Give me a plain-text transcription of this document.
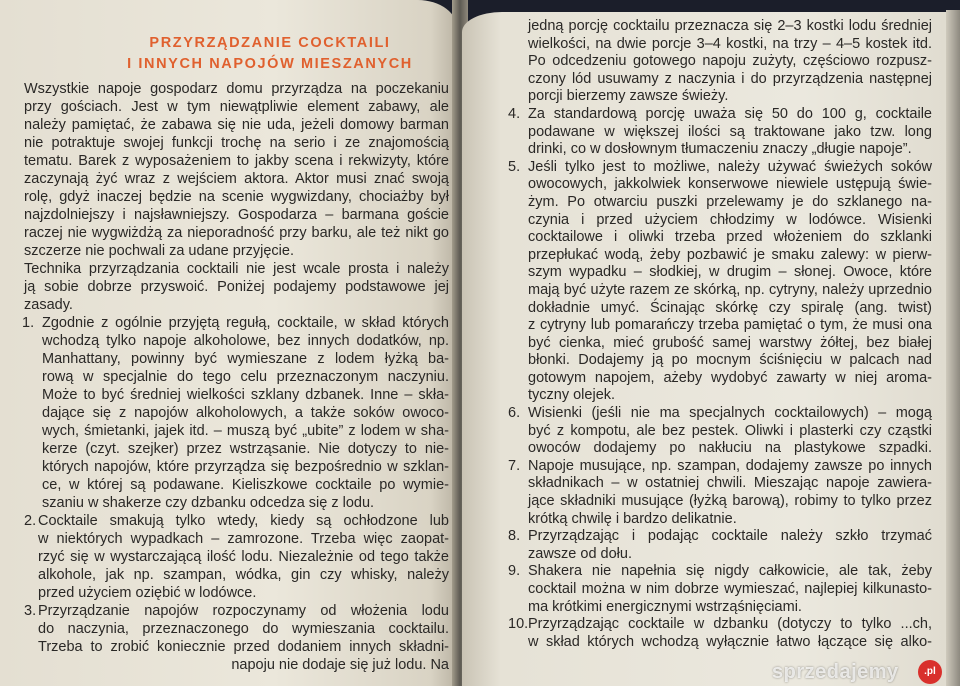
PRZYRZĄDZANIE COCKTAILI
I INNYCH NAPOJÓW MIESZANYCH
Wszystkie napoje gospodarz domu przyrządza na poczekaniu
przy gościach. Jest w tym niewątpliwie element zabawy, ale
należy pamiętać, że zabawa się nie uda, jeżeli domowy barman
nie potraktuje swojej funkcji trochę na serio i ze znajomością
tematu. Barek z wyposażeniem to jakby scena i rekwizyty, które
zaczynają żyć wraz z wejściem aktora. Aktor musi znać swoją
rolę, gdyż inaczej będzie na scenie wygwizdany, chociażby był
najzdolniejszy i najsławniejszy. Gospodarza – barmana goście
raczej nie wygwiżdżą za nieporadność przy barku, ale też nikt go
szczerze nie pochwali za udane przyjęcie.
Technika przyrządzania cocktaili nie jest wcale prosta i należy
ją sobie dobrze przyswoić. Poniżej podajemy podstawowe jej
zasady.
1. Zgodnie z ogólnie przyjętą regułą, cocktaile, w skład których
wchodzą tylko napoje alkoholowe, bez innych dodatków, np.
Manhattany, powinny być wymieszane z lodem łyżką ba-
rową w specjalnie do tego celu przeznaczonym naczyniu.
Może to być średniej wielkości szklany dzbanek. Inne – skła-
dające się z napojów alkoholowych, a także soków owoco-
wych, śmietanki, jajek itd. – muszą być „ubite” z lodem w sha-
kerze (czyt. szejker) przez wstrząsanie. Nie dotyczy to nie-
których napojów, które przyrządza się bezpośrednio w szklan-
ce, w której są podawane. Kieliszkowe cocktaile po wymie-
szaniu w shakerze czy dzbanku odcedza się z lodu.
2. Cocktaile smakują tylko wtedy, kiedy są ochłodzone lub
w niektórych wypadkach – zamrozone. Trzeba więc zaopat-
rzyć się w wystarczającą ilość lodu. Niezależnie od tego także
alkohole, jak np. szampan, wódka, gin czy whisky, należy
przed użyciem oziębić w lodówce.
3. Przyrządzanie napojów rozpoczynamy od włożenia lodu
do naczynia, przeznaczonego do wymieszania cocktailu.
Trzeba to zrobić koniecznie przed dodaniem innych składni-
napoju nie dodaje się już lodu. Na
jedną porcję cocktailu przeznacza się 2–3 kostki lodu średniej
wielkości, na dwie porcje 3–4 kostki, na trzy – 4–5 kostek itd.
Po odcedzeniu gotowego napoju zużyty, częściowo rozpusz-
czony lód usuwamy z naczynia i do przyrządzenia następnej
porcji bierzemy zawsze świeży.
4. Za standardową porcję uważa się 50 do 100 g, cocktaile
podawane w większej ilości są traktowane jako tzw. long
drinki, co w dosłownym tłumaczeniu znaczy „długie napoje”.
5. Jeśli tylko jest to możliwe, należy używać świeżych soków
owocowych, jakkolwiek konserwowe niewiele ustępują świe-
żym. Po otwarciu puszki przelewamy je do szklanego na-
czynia i przed użyciem chłodzimy w lodówce. Wisienki
cocktailowe i oliwki trzeba przed włożeniem do szklanki
przepłukać wodą, żeby pozbawić je smaku zalewy: w pierw-
szym wypadku – słodkiej, w drugim – słonej. Owoce, które
mają być użyte razem ze skórką, np. cytryny, należy uprzednio
dokładnie umyć. Ścinając skórkę czy spiralę (ang. twist)
z cytryny lub pomarańczy trzeba pamiętać o tym, że musi ona
być cienka, mieć grubość samej warstwy żółtej, bez białej
błonki. Dodajemy ją po mocnym ściśnięciu w palcach nad
gotowym napojem, ażeby wydobyć zawarty w niej aroma-
tyczny olejek.
6. Wisienki (jeśli nie ma specjalnych cocktailowych) – mogą
być z kompotu, ale bez pestek. Oliwki i plasterki czy cząstki
owoców dodajemy po nakłuciu na plastykowe szpadki.
7. Napoje musujące, np. szampan, dodajemy zawsze po innych
składnikach – w ostatniej chwili. Mieszając napoje zawiera-
jące składniki musujące (łyżką barową), robimy to tylko przez
krótką chwilę i bardzo delikatnie.
8. Przyrządzając i podając cocktaile należy szkło trzymać
zawsze od dołu.
9. Shakera nie napełnia się nigdy całkowicie, ale tak, żeby
cocktail można w nim dobrze wymieszać, najlepiej kilkunasto-
ma krótkimi energicznymi wstrząśnięciami.
10. Przyrządzając cocktaile w dzbanku (dotyczy to tylko ...ch,
w skład których wchodzą wyłącznie łatwo łączące się alko-
sprzedajemy	.pl
